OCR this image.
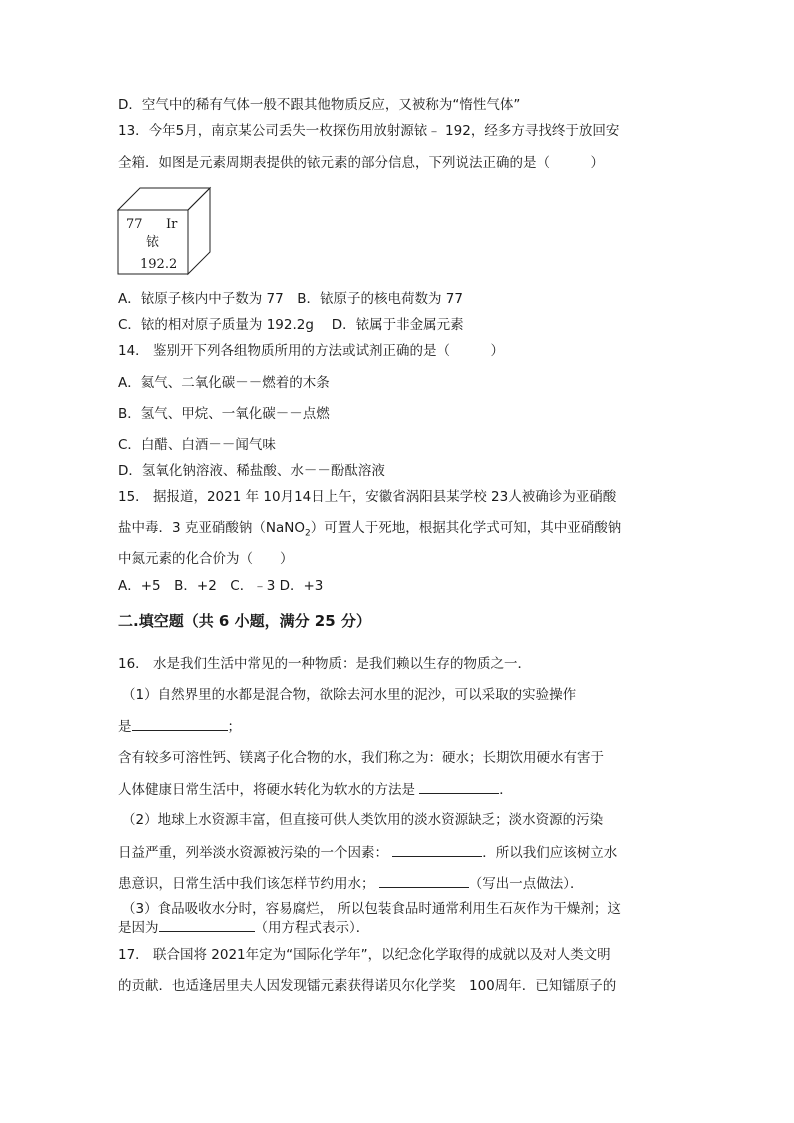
D．空气中的稀有气体一般不跟其他物质反应，又被称为“惰性气体”
13．今年5月，南京某公司丢失一枚探伤用放射源铱﹣ 192，经多方寻找终于放回安
全箱．如图是元素周期表提供的铱元素的部分信息，下列说法正确的是（　　　）
77 Ir
铱
192.2
A．铱原子核内中子数为 77　B．铱原子的核电荷数为 77
C．铱的相对原子质量为 192.2g　 D．铱属于非金属元素
14． 鉴别开下列各组物质所用的方法或试剂正确的是（　　　）
A．氦气、二氧化碳－－燃着的木条
B．氢气、甲烷、一氧化碳－－点燃
C．白醋、白酒－－闻气味
D．氢氧化钠溶液、稀盐酸、水－－酚酞溶液
15． 据报道，2021 年 10月14日上午，安徽省涡阳县某学校 23人被确诊为亚硝酸
盐中毒．3 克亚硝酸钠（NaNO$_2$）可置人于死地，根据其化学式可知，其中亚硝酸钠
中氮元素的化合价为（　　）
A．+5　B．+2　C．﹣3 D．+3
二.填空题（共 6 小题，满分 25 分）
16． 水是我们生活中常见的一种物质：是我们赖以生存的物质之一．
（1）自然界里的水都是混合物，欲除去河水里的泥沙，可以采取的实验操作
是	；
含有较多可溶性钙、镁离子化合物的水，我们称之为：硬水；长期饮用硬水有害于
人体健康日常生活中，将硬水转化为软水的方法是	．
（2）地球上水资源丰富，但直接可供人类饮用的淡水资源缺乏；淡水资源的污染
日益严重，列举淡水资源被污染的一个因素：	．所以我们应该树立水
患意识，日常生活中我们该怎样节约用水；	（写出一点做法）．
（3）食品吸收水分时，容易腐烂， 所以包装食品时通常利用生石灰作为干燥剂；这
是因为	（用方程式表示）．
17． 联合国将 2021年定为“国际化学年”，以纪念化学取得的成就以及对人类文明
的贡献．也适逢居里夫人因发现镭元素获得诺贝尔化学奖　100周年．已知镭原子的
